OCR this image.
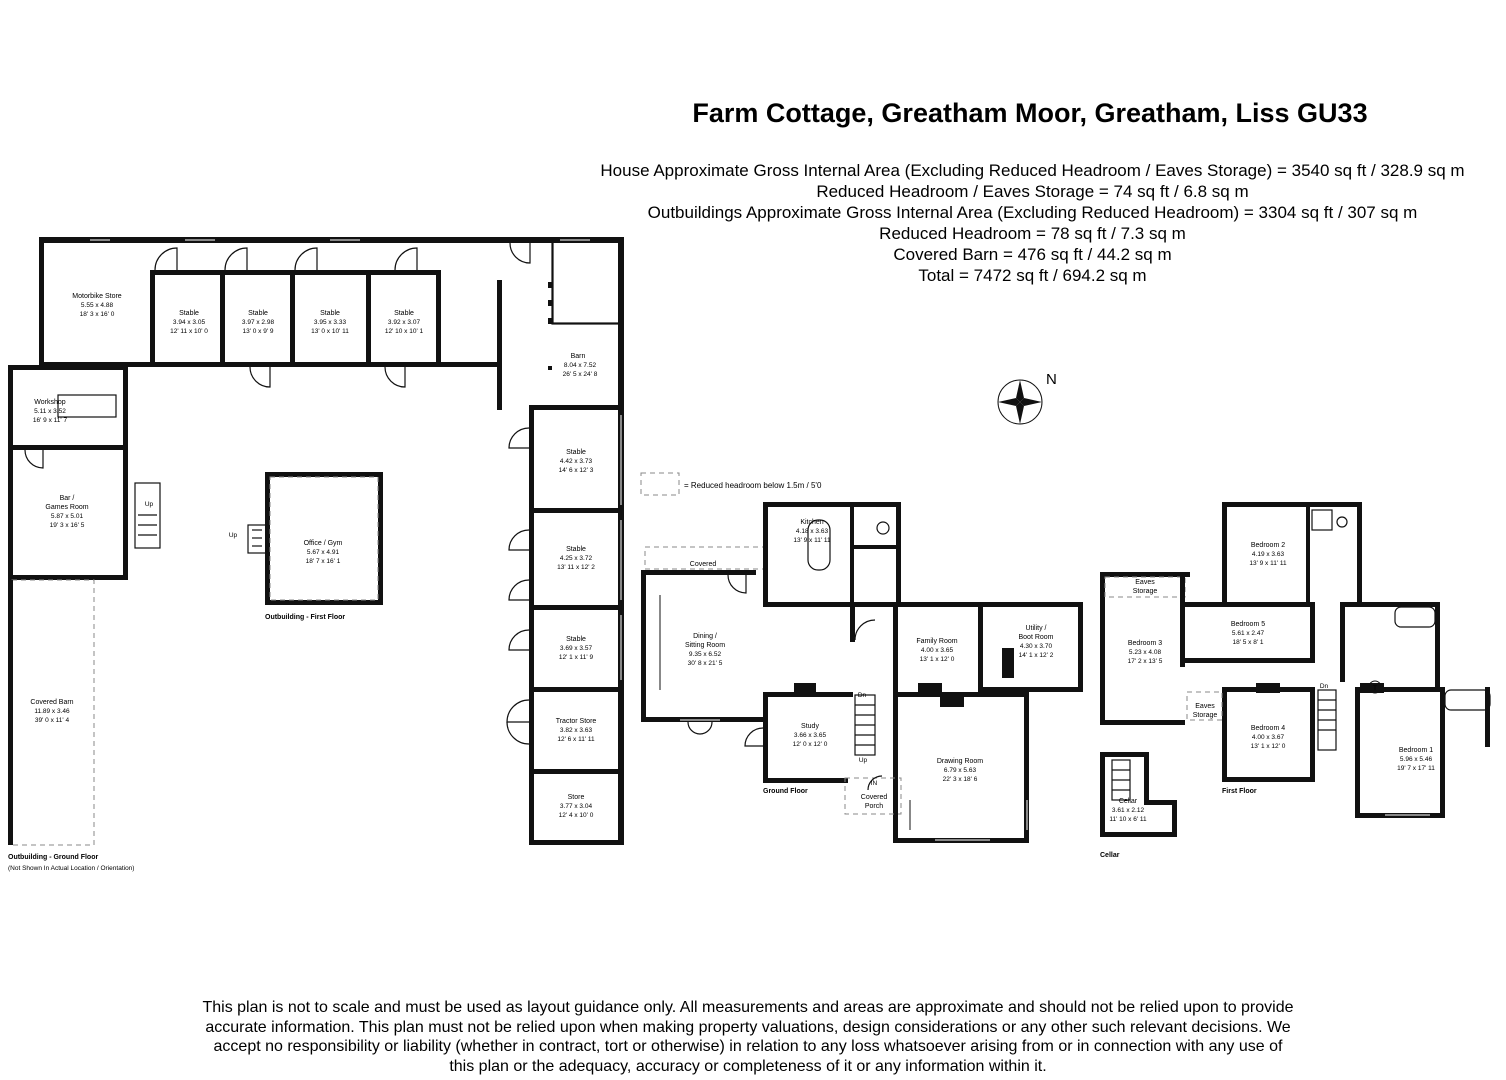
Farm Cottage, Greatham Moor, Greatham, Liss GU33
House Approximate Gross Internal Area (Excluding Reduced Headroom / Eaves Storage) = 3540 sq ft / 328.9 sq m
Reduced Headroom / Eaves Storage = 74 sq ft / 6.8 sq m
Outbuildings Approximate Gross Internal Area (Excluding Reduced Headroom) = 3304 sq ft / 307 sq m
Reduced Headroom = 78 sq ft / 7.3 sq m
Covered Barn = 476 sq ft / 44.2 sq m
Total = 7472 sq ft / 694.2 sq m
= Reduced headroom below 1.5m / 5'0
N
Motorbike Store
5.55 x 4.88
18' 3 x 16' 0	Stable
3.94 x 3.05
12' 11 x 10' 0
Stable
3.97 x 2.98
13' 0 x 9' 9
Stable
3.95 x 3.33
13' 0 x 10' 11
Stable
3.92 x 3.07
12' 10 x 10' 1
Barn
8.04 x 7.52
26' 5 x 24' 8
Workshop
5.11 x 3.52
16' 9 x 11' 7
Bar /
Games Room
5.87 x 5.01
19' 3 x 16' 5
Office / Gym
5.67 x 4.91
18' 7 x 16' 1
Stable
4.42 x 3.73
14' 6 x 12' 3
Stable
4.25 x 3.72
13' 11 x 12' 2
Stable
3.69 x 3.57
12' 1 x 11' 9
Tractor Store
3.82 x 3.63
12' 6 x 11' 11
Store
3.77 x 3.04
12' 4 x 10' 0
Covered Barn
11.89 x 3.46
39' 0 x 11' 4
Kitchen
4.18 x 3.63
13' 9 x 11' 11
Dining /
Sitting Room
9.35 x 6.52
30' 8 x 21' 5
Family Room
4.00 x 3.65
13' 1 x 12' 0
Utility /
Boot Room
4.30 x 3.70
14' 1 x 12' 2
Study
3.66 x 3.65
12' 0 x 12' 0
Drawing Room
6.79 x 5.63
22' 3 x 18' 6
Covered
Porch
Cellar
3.61 x 2.12
11' 10 x 6' 11
Bedroom 2
4.19 x 3.63
13' 9 x 11' 11
Eaves
Storage
Bedroom 3
5.23 x 4.08
17' 2 x 13' 5
Bedroom 5
5.61 x 2.47
18' 5 x 8' 1
Eaves
Storage
Bedroom 4
4.00 x 3.67
13' 1 x 12' 0
Bedroom 1
5.96 x 5.46
19' 7 x 17' 11
Up
Up
Up
Dn
Dn
Covered
IN
T
Outbuilding - Ground Floor
(Not Shown In Actual Location / Orientation)
Outbuilding - First Floor
Ground Floor	First Floor
Cellar
This plan is not to scale and must be used as layout guidance only. All measurements and areas are approximate and should not be relied upon to provide accurate information. This plan must not be relied upon when making property valuations, design considerations or any other such relevant decisions. We accept no responsibility or liability (whether in contract, tort or otherwise) in relation to any loss whatsoever arising from or in connection with any use of this plan or the adequacy, accuracy or completeness of it or any information within it.
